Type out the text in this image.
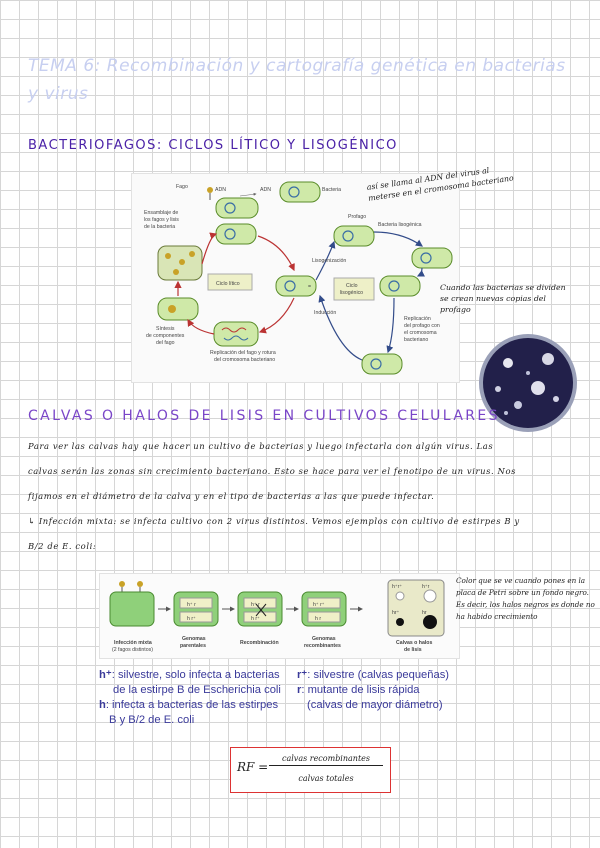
TEMA 6: Recombinación y cartografía genética en bacterias y virus
BACTERIOFAGOS: CICLOS LÍTICO Y LISOGÉNICO
=
Fago	ADN	ADN	Bacteria
Profago
Bacteria lisogénica
Ensamblaje de
los fagos y lisis
de la bacteria
Lisogenización
Ciclo lítico	Ciclo
lisogénico
Inducción
Síntesis
de componentes
del fago
Replicación del fago y rotura
del cromosoma bacteriano
Replicación
del profago con
el cromosoma
bacteriano
así se llama al ADN del virus al meterse en el cromosoma bacteriano
Cuando las bacterias se dividen se crean nuevas copias del profago
CALVAS O HALOS DE LISIS EN CULTIVOS CELULARES
Para ver las calvas hay que hacer un cultivo de bacterias y luego infectarla con algún virus. Las
calvas serán las zonas sin crecimiento bacteriano. Esto se hace para ver el fenotipo de un virus. Nos
fijamos en el diámetro de la calva y en el tipo de bacterias a las que puede infectar.
↳ Infección mixta: se infecta cultivo con 2 virus distintos. Vemos ejemplos con cultivo de estirpes B y
B/2 de E. coli:
h⁺ r
h r⁺
h⁺ r
h r⁺
h⁺ r⁺
h r
h⁺r⁺	h⁺r
hr⁺	hr
Infección mixta
(2 fagos distintos)
Genomas
parentales	Recombinación
Genomas
recombinantes	Calvas o halos
de lisis
Color que se ve cuando pones en la placa de Petri sobre un fondo negro. Es decir, los halos negros es donde no ha habido crecimiento
h⁺: silvestre, solo infecta a bacterias
de la estirpe B de Escherichia coli
h: infecta a bacterias de las estirpes
B y B/2 de E. coli
r⁺: silvestre (calvas pequeñas)
r: mutante de lisis rápida
(calvas de mayor diámetro)
RF =
calvas recombinantes
calvas totales
